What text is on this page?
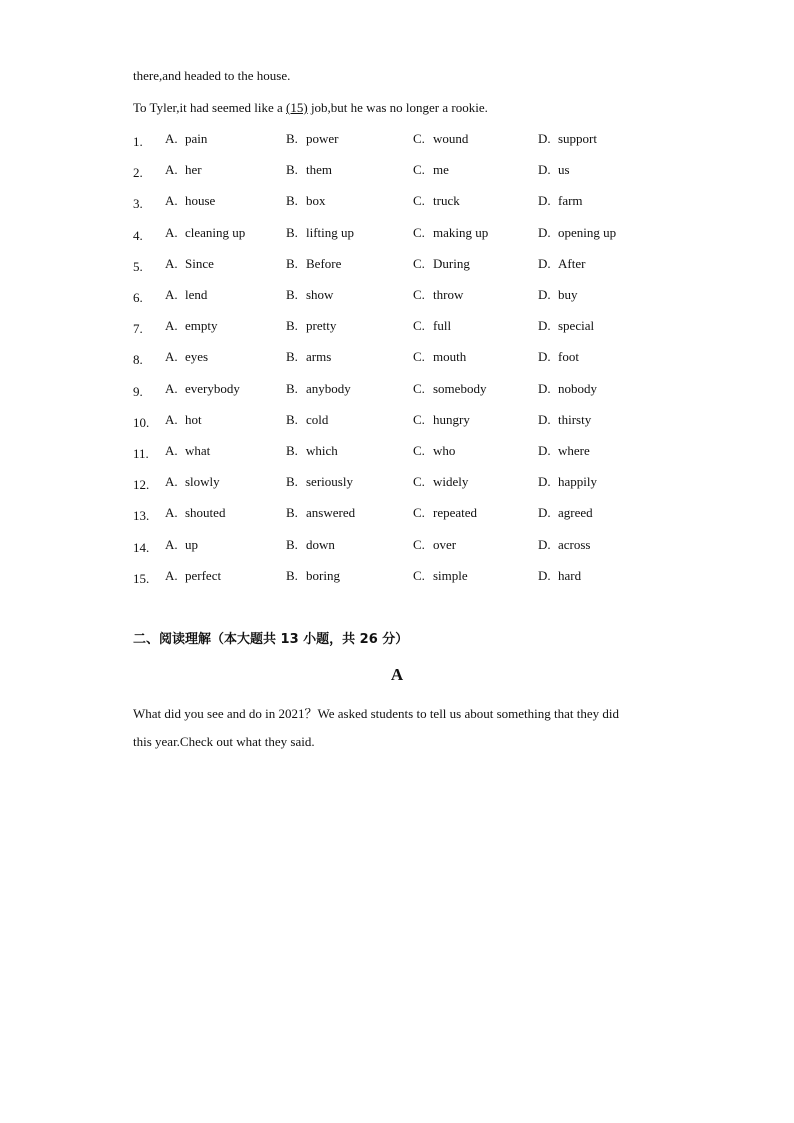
there,and headed to the house.
To Tyler,it had seemed like a (15) job,but he was no longer a rookie.
1. A. pain	B. power	C. wound	D. support
2. A. her	B. them	C. me	D. us
3. A. house	B. box	C. truck	D. farm
4. A. cleaning up	B. lifting up	C. making up	D. opening up
5. A. Since	B. Before	C. During	D. After
6. A. lend	B. show	C. throw	D. buy
7. A. empty	B. pretty	C. full	D. special
8. A. eyes	B. arms	C. mouth	D. foot
9. A. everybody	B. anybody	C. somebody	D. nobody
10. A. hot	B. cold	C. hungry	D. thirsty
11. A. what	B. which	C. who	D. where
12. A. slowly	B. seriously	C. widely	D. happily
13. A. shouted	B. answered	C. repeated	D. agreed
14. A. up	B. down	C. over	D. across
15. A. perfect	B. boring	C. simple	D. hard
二、阅读理解（本大题共 13 小题，共 26 分）
A
What did you see and do in 2021？We asked students to tell us about something that they did
this year.Check out what they said.
